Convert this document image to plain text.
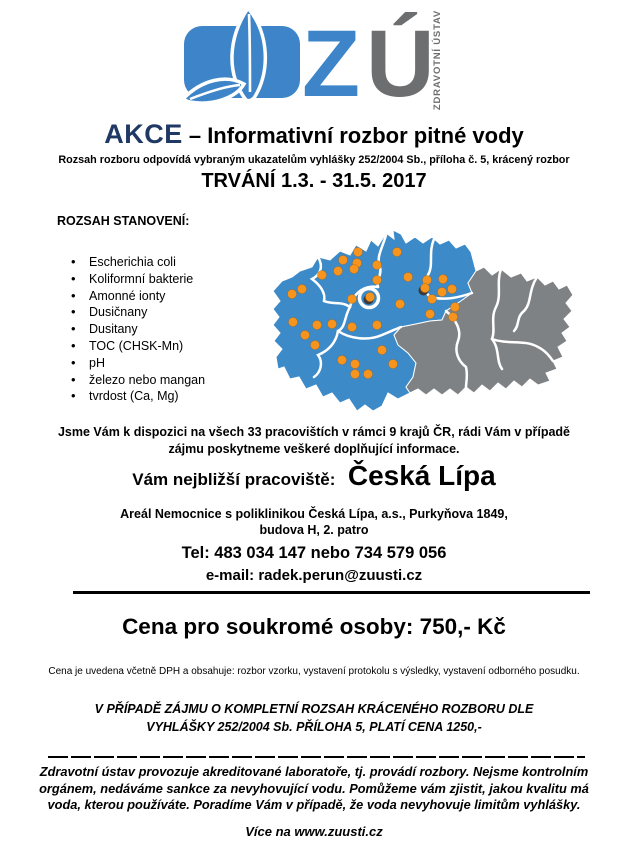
Z Ú
ZDRAVOTNÍ ÚSTAV
AKCE – Informativní rozbor pitné vody
Rozsah rozboru odpovídá vybraným ukazatelům vyhlášky 252/2004 Sb., příloha č. 5, krácený rozbor
TRVÁNÍ 1.3. - 31.5. 2017
ROZSAH STANOVENÍ:
• Escherichia coli
• Koliformní bakterie
• Amonné ionty
• Dusičnany
• Dusitany
• TOC (CHSK-Mn)
• pH
• železo nebo mangan
• tvrdost (Ca, Mg)
Jsme Vám k dispozici na všech 33 pracovištích v rámci 9 krajů ČR, rádi Vám v případě zájmu poskytneme veškeré doplňující informace.
Vám nejbližší pracoviště: Česká Lípa
Areál Nemocnice s poliklinikou Česká Lípa, a.s., Purkyňova 1849,
budova H, 2. patro
Tel: 483 034 147 nebo 734 579 056
e-mail: radek.perun@zuusti.cz
Cena pro soukromé osoby: 750,- Kč
Cena je uvedena včetně DPH a obsahuje: rozbor vzorku, vystavení protokolu s výsledky, vystavení odborného posudku.
V PŘÍPADĚ ZÁJMU O KOMPLETNÍ ROZSAH KRÁCENÉHO ROZBORU DLE VYHLÁŠKY 252/2004 Sb. PŘÍLOHA 5, PLATÍ CENA 1250,-
Zdravotní ústav provozuje akreditované laboratoře, tj. provádí rozbory. Nejsme kontrolním orgánem, nedáváme sankce za nevyhovující vodu. Pomůžeme vám zjistit, jakou kvalitu má voda, kterou používáte. Poradíme Vám v případě, že voda nevyhovuje limitům vyhlášky.
Více na www.zuusti.cz
